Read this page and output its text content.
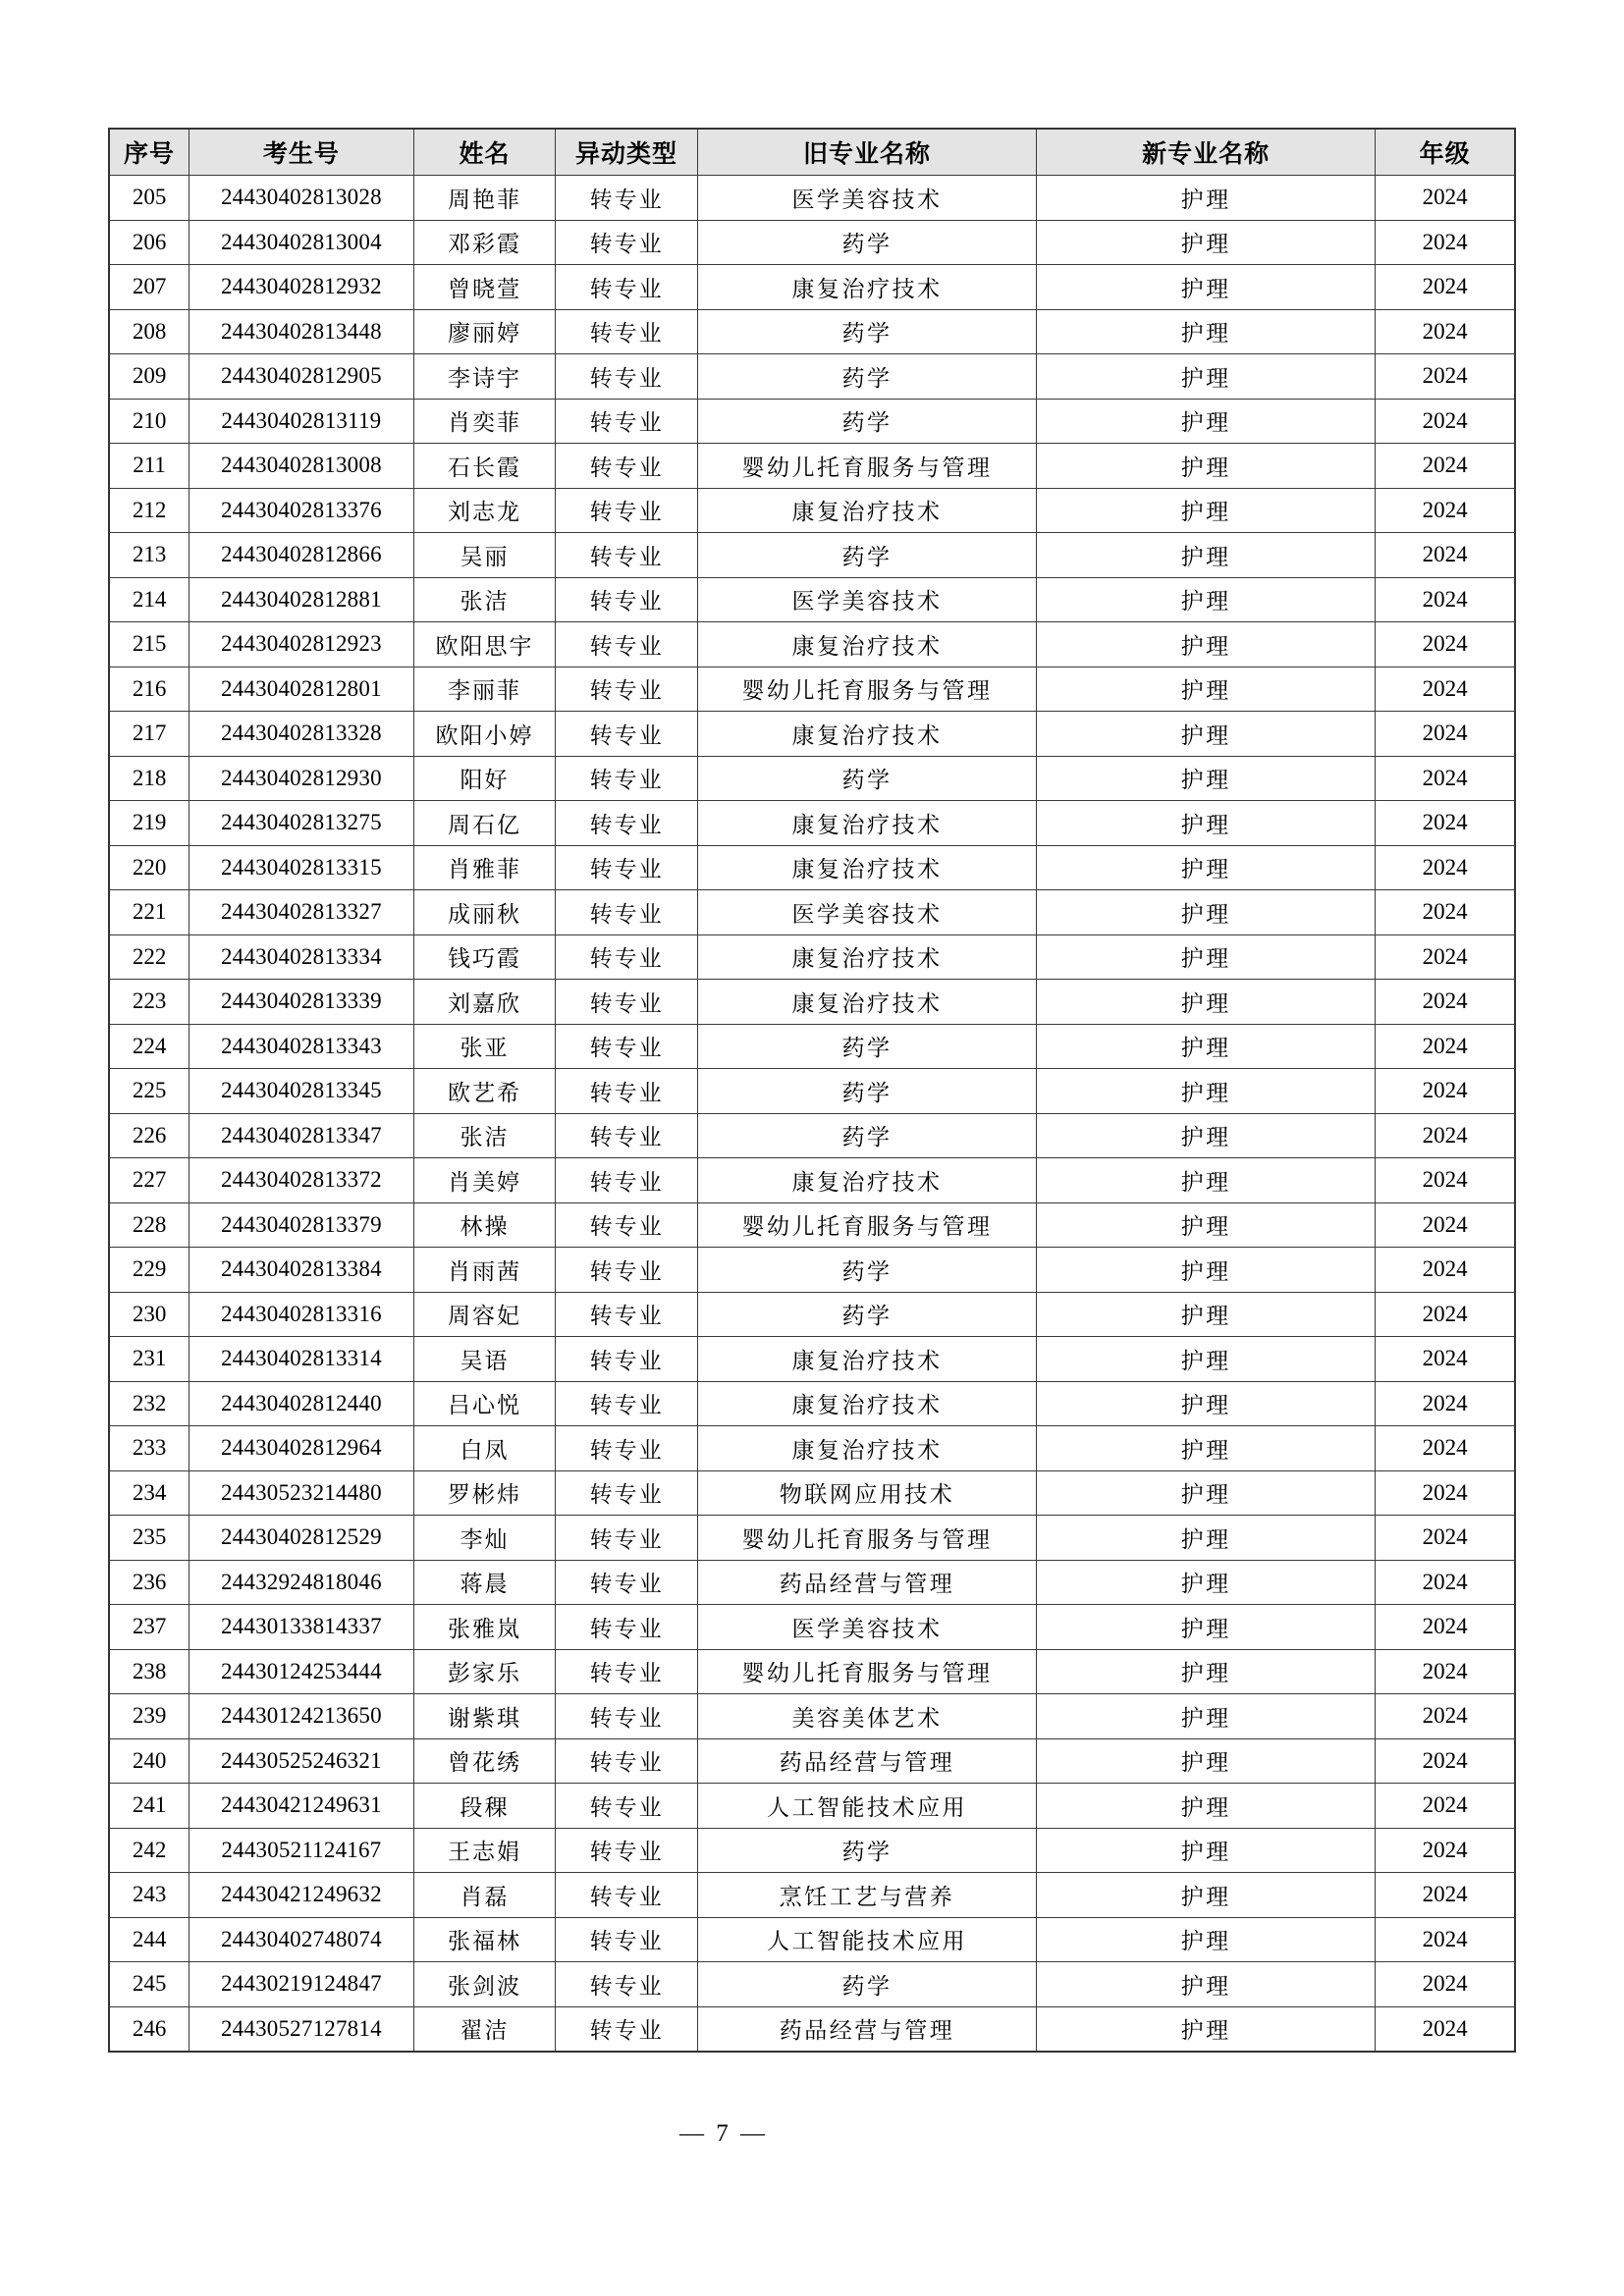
序号	考生号	姓名	异动类型	旧专业名称	新专业名称	年级
205	24430402813028	周艳菲	转专业	医学美容技术	护理	2024
206	24430402813004	邓彩霞	转专业	药学	护理	2024
207	24430402812932	曾晓萱	转专业	康复治疗技术	护理	2024
208	24430402813448	廖丽婷	转专业	药学	护理	2024
209	24430402812905	李诗宇	转专业	药学	护理	2024
210	24430402813119	肖奕菲	转专业	药学	护理	2024
211	24430402813008	石长霞	转专业	婴幼儿托育服务与管理	护理	2024
212	24430402813376	刘志龙	转专业	康复治疗技术	护理	2024
213	24430402812866	吴丽	转专业	药学	护理	2024
214	24430402812881	张洁	转专业	医学美容技术	护理	2024
215	24430402812923	欧阳思宇	转专业	康复治疗技术	护理	2024
216	24430402812801	李丽菲	转专业	婴幼儿托育服务与管理	护理	2024
217	24430402813328	欧阳小婷	转专业	康复治疗技术	护理	2024
218	24430402812930	阳好	转专业	药学	护理	2024
219	24430402813275	周石亿	转专业	康复治疗技术	护理	2024
220	24430402813315	肖雅菲	转专业	康复治疗技术	护理	2024
221	24430402813327	成丽秋	转专业	医学美容技术	护理	2024
222	24430402813334	钱巧霞	转专业	康复治疗技术	护理	2024
223	24430402813339	刘嘉欣	转专业	康复治疗技术	护理	2024
224	24430402813343	张亚	转专业	药学	护理	2024
225	24430402813345	欧艺希	转专业	药学	护理	2024
226	24430402813347	张洁	转专业	药学	护理	2024
227	24430402813372	肖美婷	转专业	康复治疗技术	护理	2024
228	24430402813379	林操	转专业	婴幼儿托育服务与管理	护理	2024
229	24430402813384	肖雨茜	转专业	药学	护理	2024
230	24430402813316	周容妃	转专业	药学	护理	2024
231	24430402813314	吴语	转专业	康复治疗技术	护理	2024
232	24430402812440	吕心悦	转专业	康复治疗技术	护理	2024
233	24430402812964	白凤	转专业	康复治疗技术	护理	2024
234	24430523214480	罗彬炜	转专业	物联网应用技术	护理	2024
235	24430402812529	李灿	转专业	婴幼儿托育服务与管理	护理	2024
236	24432924818046	蒋晨	转专业	药品经营与管理	护理	2024
237	24430133814337	张雅岚	转专业	医学美容技术	护理	2024
238	24430124253444	彭家乐	转专业	婴幼儿托育服务与管理	护理	2024
239	24430124213650	谢紫琪	转专业	美容美体艺术	护理	2024
240	24430525246321	曾花绣	转专业	药品经营与管理	护理	2024
241	24430421249631	段稞	转专业	人工智能技术应用	护理	2024
242	24430521124167	王志娟	转专业	药学	护理	2024
243	24430421249632	肖磊	转专业	烹饪工艺与营养	护理	2024
244	24430402748074	张福林	转专业	人工智能技术应用	护理	2024
245	24430219124847	张剑波	转专业	药学	护理	2024
246	24430527127814	翟洁	转专业	药品经营与管理	护理	2024
— 7 —
